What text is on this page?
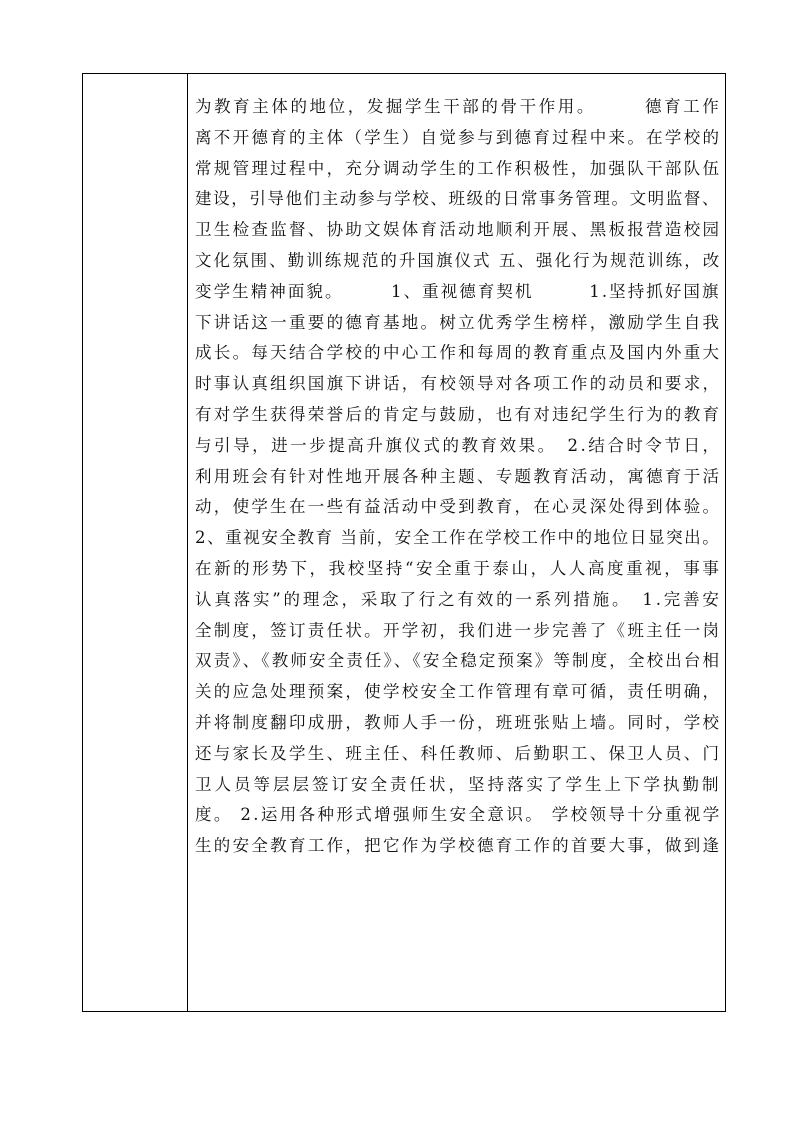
为教育主体的地位，发掘学生干部的骨干作用。　　　德育工作
离不开德育的主体（学生）自觉参与到德育过程中来。在学校的
常规管理过程中，充分调动学生的工作积极性，加强队干部队伍
建设，引导他们主动参与学校、班级的日常事务管理。文明监督、
卫生检查监督、协助文娱体育活动地顺利开展、黑板报营造校园
文化氛围、勤训练规范的升国旗仪式 五、强化行为规范训练，改
变学生精神面貌。　　　1、重视德育契机　　　1.坚持抓好国旗
下讲话这一重要的德育基地。树立优秀学生榜样，激励学生自我
成长。每天结合学校的中心工作和每周的教育重点及国内外重大
时事认真组织国旗下讲话，有校领导对各项工作的动员和要求，
有对学生获得荣誉后的肯定与鼓励，也有对违纪学生行为的教育
与引导，进一步提高升旗仪式的教育效果。　2.结合时令节日，
利用班会有针对性地开展各种主题、专题教育活动，寓德育于活
动，使学生在一些有益活动中受到教育，在心灵深处得到体验。
2、重视安全教育 当前，安全工作在学校工作中的地位日显突出。
在新的形势下，我校坚持“安全重于泰山，人人高度重视，事事
认真落实”的理念，采取了行之有效的一系列措施。　1.完善安
全制度，签订责任状。开学初，我们进一步完善了《班主任一岗
双责》、《教师安全责任》、《安全稳定预案》等制度，全校出台相
关的应急处理预案，使学校安全工作管理有章可循，责任明确，
并将制度翻印成册，教师人手一份，班班张贴上墙。同时，学校
还与家长及学生、班主任、科任教师、后勤职工、保卫人员、门
卫人员等层层签订安全责任状，坚持落实了学生上下学执勤制
度。 2.运用各种形式增强师生安全意识。 学校领导十分重视学
生的安全教育工作，把它作为学校德育工作的首要大事，做到逢
